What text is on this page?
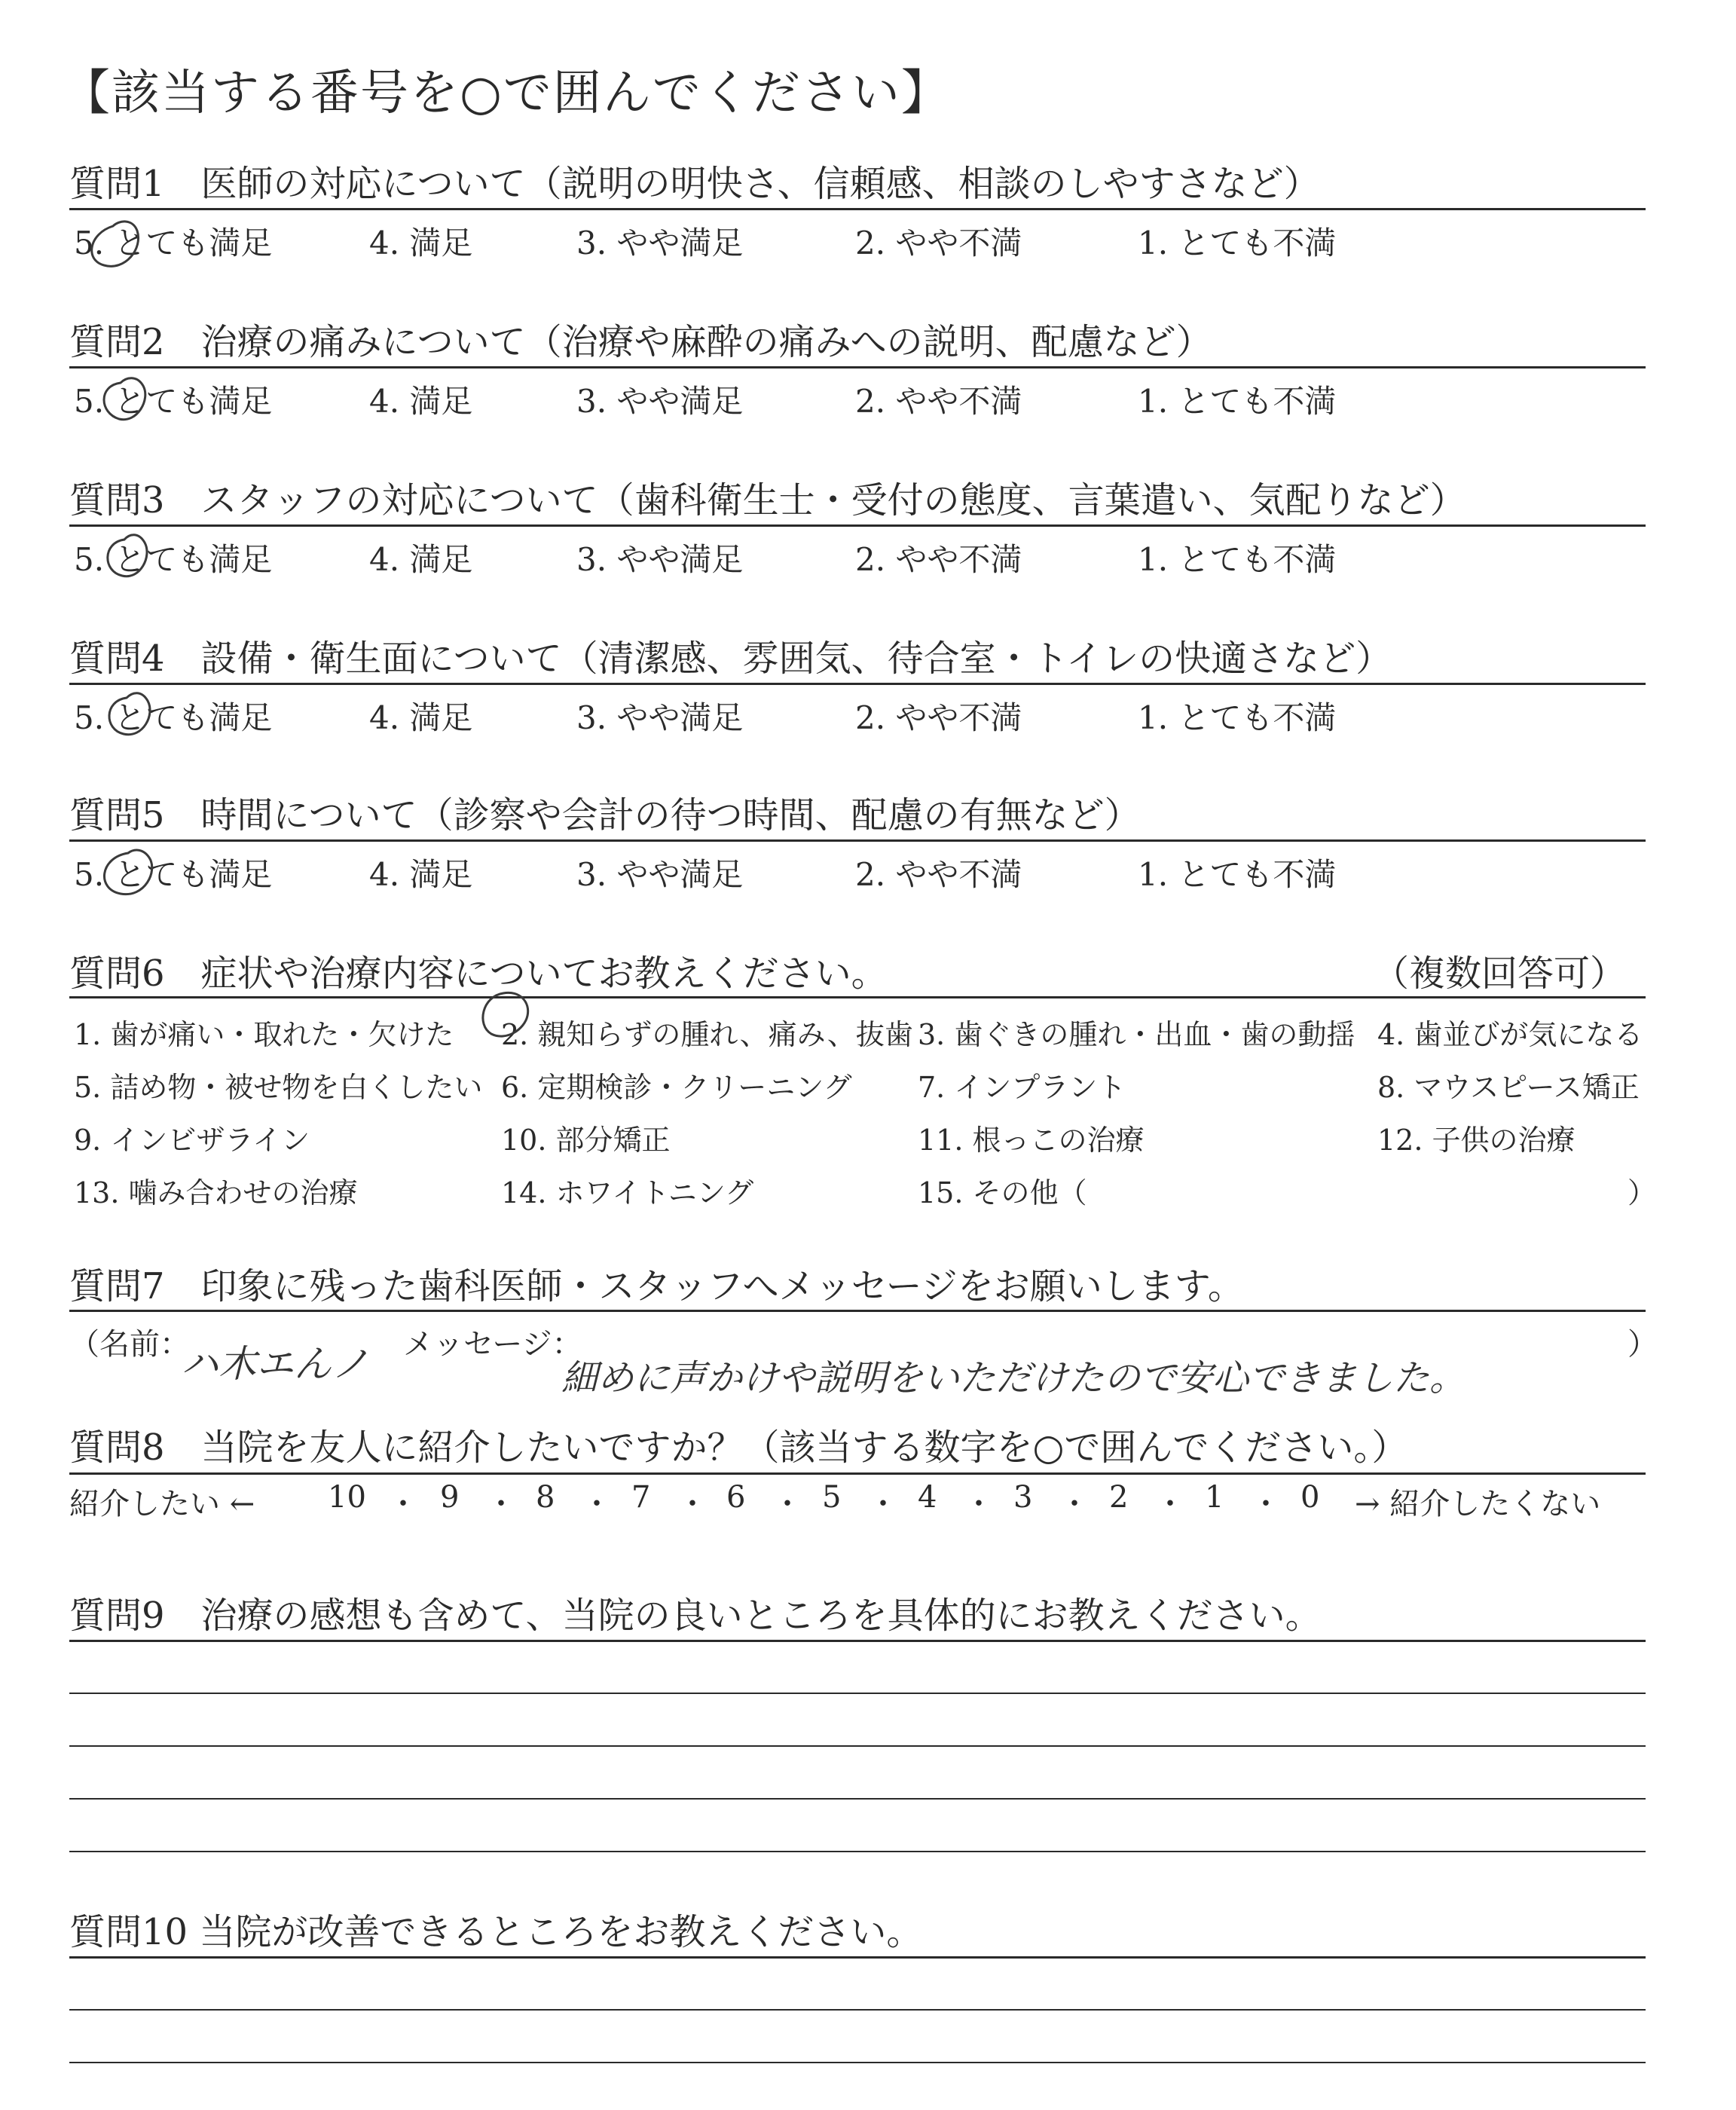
【該当する番号を○で囲んでください】
質問1　医師の対応について（説明の明快さ、信頼感、相談のしやすさなど）
5. とても満足	4. 満足	3. やや満足	2. やや不満	1. とても不満
質問2　治療の痛みについて（治療や麻酔の痛みへの説明、配慮など）
5. とても満足	4. 満足	3. やや満足	2. やや不満	1. とても不満
質問3　スタッフの対応について（歯科衛生士・受付の態度、言葉遣い、気配りなど）
5. とても満足	4. 満足	3. やや満足	2. やや不満	1. とても不満
質問4　設備・衛生面について（清潔感、雰囲気、待合室・トイレの快適さなど）
5. とても満足	4. 満足	3. やや満足	2. やや不満	1. とても不満
質問5　時間について（診察や会計の待つ時間、配慮の有無など）
5. とても満足	4. 満足	3. やや満足	2. やや不満	1. とても不満
質問6　症状や治療内容についてお教えください。	（複数回答可）
1. 歯が痛い・取れた・欠けた 2. 親知らずの腫れ、痛み、抜歯 3. 歯ぐきの腫れ・出血・歯の動揺 4. 歯並びが気になる
5. 詰め物・被せ物を白くしたい 6. 定期検診・クリーニング 7. インプラント	8. マウスピース矯正
9. インビザライン	10. 部分矯正	11. 根っこの治療	12. 子供の治療
13. 噛み合わせの治療	14. ホワイトニング	15. その他（	）
質問7　印象に残った歯科医師・スタッフへメッセージをお願いします。
（名前：
ハ木エんノ メッセージ：
細めに声かけや説明をいただけたので安心できました。
）
質問8　当院を友人に紹介したいですか？（該当する数字を○で囲んでください。）
紹介したい ← 10 ・ 9 ・ 8 ・ 7 ・ 6 ・ 5 ・ 4 ・ 3 ・ 2 ・ 1 ・ 0 → 紹介したくない
質問9　治療の感想も含めて、当院の良いところを具体的にお教えください。
質問10 当院が改善できるところをお教えください。
